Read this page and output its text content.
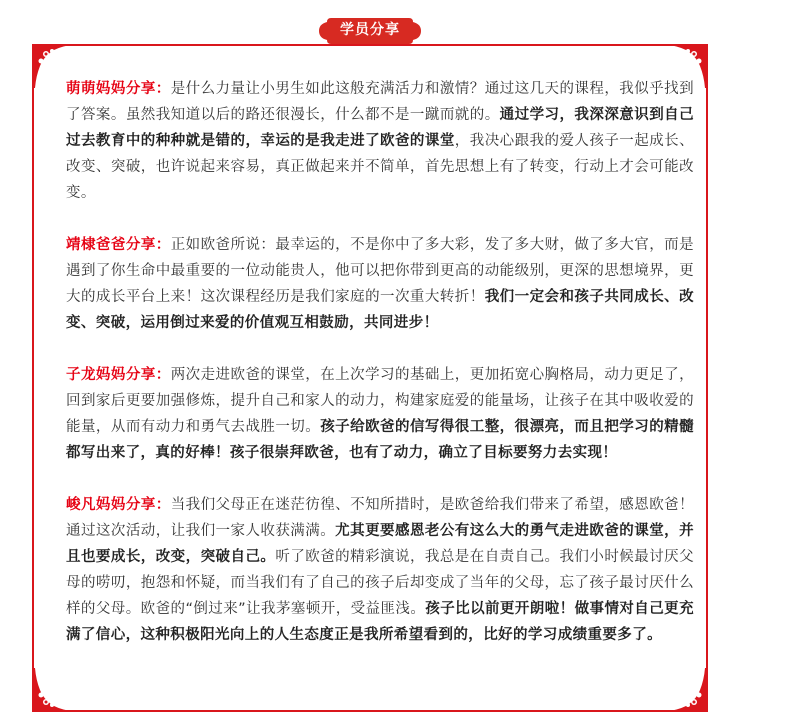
学员分享

萌萌妈妈分享：是什么力量让小男生如此这般充满活力和激情？通过这几天的课程，我似乎找到了答案。虽然我知道以后的路还很漫长，什么都不是一蹴而就的。通过学习，我深深意识到自己过去教育中的种种就是错的，幸运的是我走进了欧爸的课堂，我决心跟我的爱人孩子一起成长、改变、突破，也许说起来容易，真正做起来并不简单，首先思想上有了转变，行动上才会可能改变。

靖棣爸爸分享：正如欧爸所说：最幸运的，不是你中了多大彩，发了多大财，做了多大官，而是遇到了你生命中最重要的一位动能贵人，他可以把你带到更高的动能级别，更深的思想境界，更大的成长平台上来！这次课程经历是我们家庭的一次重大转折！我们一定会和孩子共同成长、改变、突破，运用倒过来爱的价值观互相鼓励，共同进步！

子龙妈妈分享：两次走进欧爸的课堂，在上次学习的基础上，更加拓宽心胸格局，动力更足了，回到家后更要加强修炼，提升自己和家人的动力，构建家庭爱的能量场，让孩子在其中吸收爱的能量，从而有动力和勇气去战胜一切。孩子给欧爸的信写得很工整，很漂亮，而且把学习的精髓都写出来了，真的好棒！孩子很崇拜欧爸，也有了动力，确立了目标要努力去实现！

峻凡妈妈分享：当我们父母正在迷茫彷徨、不知所措时，是欧爸给我们带来了希望，感恩欧爸！通过这次活动，让我们一家人收获满满。尤其更要感恩老公有这么大的勇气走进欧爸的课堂，并且也要成长，改变，突破自己。听了欧爸的精彩演说，我总是在自责自己。我们小时候最讨厌父母的唠叨，抱怨和怀疑，而当我们有了自己的孩子后却变成了当年的父母，忘了孩子最讨厌什么样的父母。欧爸的“倒过来”让我茅塞顿开，受益匪浅。孩子比以前更开朗啦！做事情对自己更充满了信心，这种积极阳光向上的人生态度正是我所希望看到的，比好的学习成绩重要多了。
